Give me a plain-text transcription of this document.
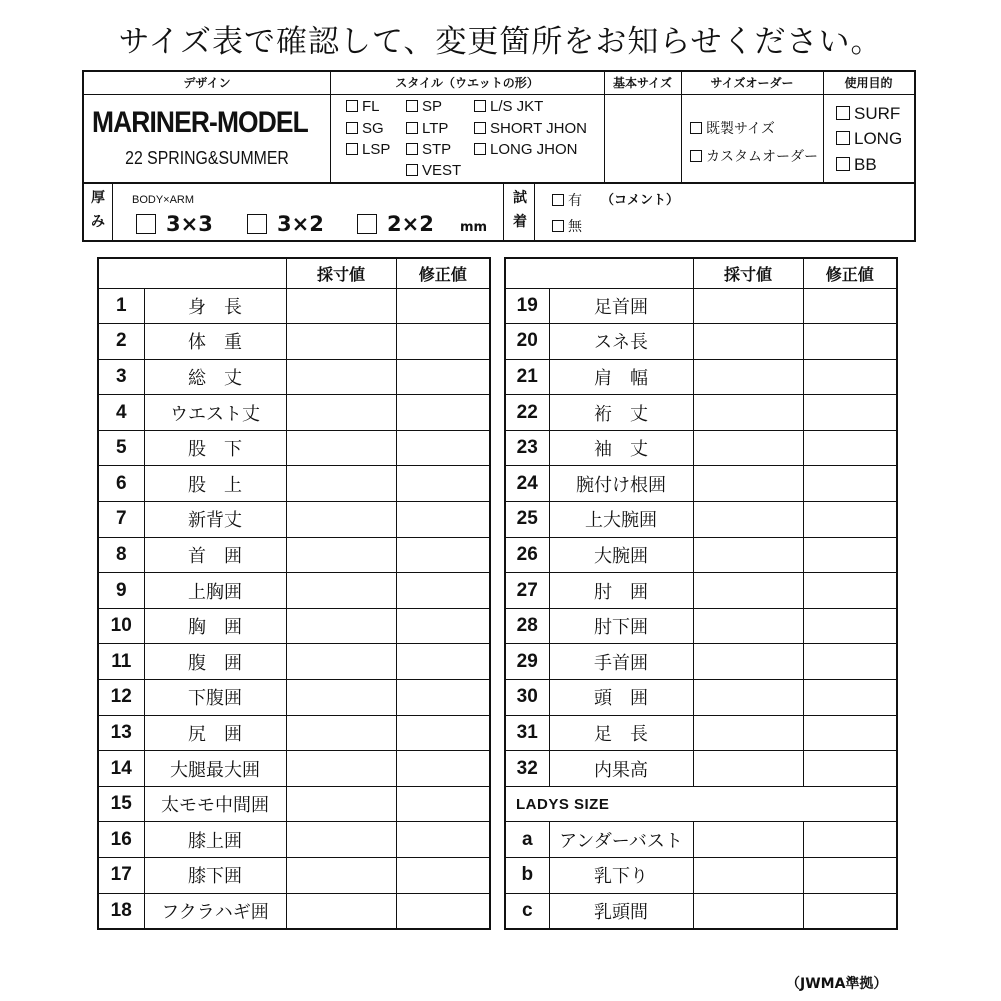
サイズ表で確認して、変更箇所をお知らせください。
デザイン	スタイル（ウエットの形）	基本サイズ	サイズオーダー	使用目的
MARINER-MODEL
22 SPRING&SUMMER
FL	SP	L/S JKT
SG	LTP	SHORT JHON
LSP	STP	LONG JHON
VEST
既製サイズ
カスタムオーダー
SURF
LONG
BB
厚
み
BODY×ARM
3×3	3×2	2×2 mm
試
着
有
無
（コメント）
		採寸値	修正値
1	身　長		
2	体　重		
3	総　丈		
4	ウエスト丈		
5	股　下		
6	股　上		
7	新背丈		
8	首　囲		
9	上胸囲		
10	胸　囲		
11	腹　囲		
12	下腹囲		
13	尻　囲		
14	大腿最大囲		
15	太モモ中間囲		
16	膝上囲		
17	膝下囲		
18	フクラハギ囲		
		採寸値	修正値
19	足首囲		
20	スネ長		
21	肩　幅		
22	裄　丈		
23	袖　丈		
24	腕付け根囲		
25	上大腕囲		
26	大腕囲		
27	肘　囲		
28	肘下囲		
29	手首囲		
30	頭　囲		
31	足　長		
32	内果高		
LADYS SIZE			
a	アンダーバスト		
b	乳下り		
c	乳頭間		
（JWMA準拠）
